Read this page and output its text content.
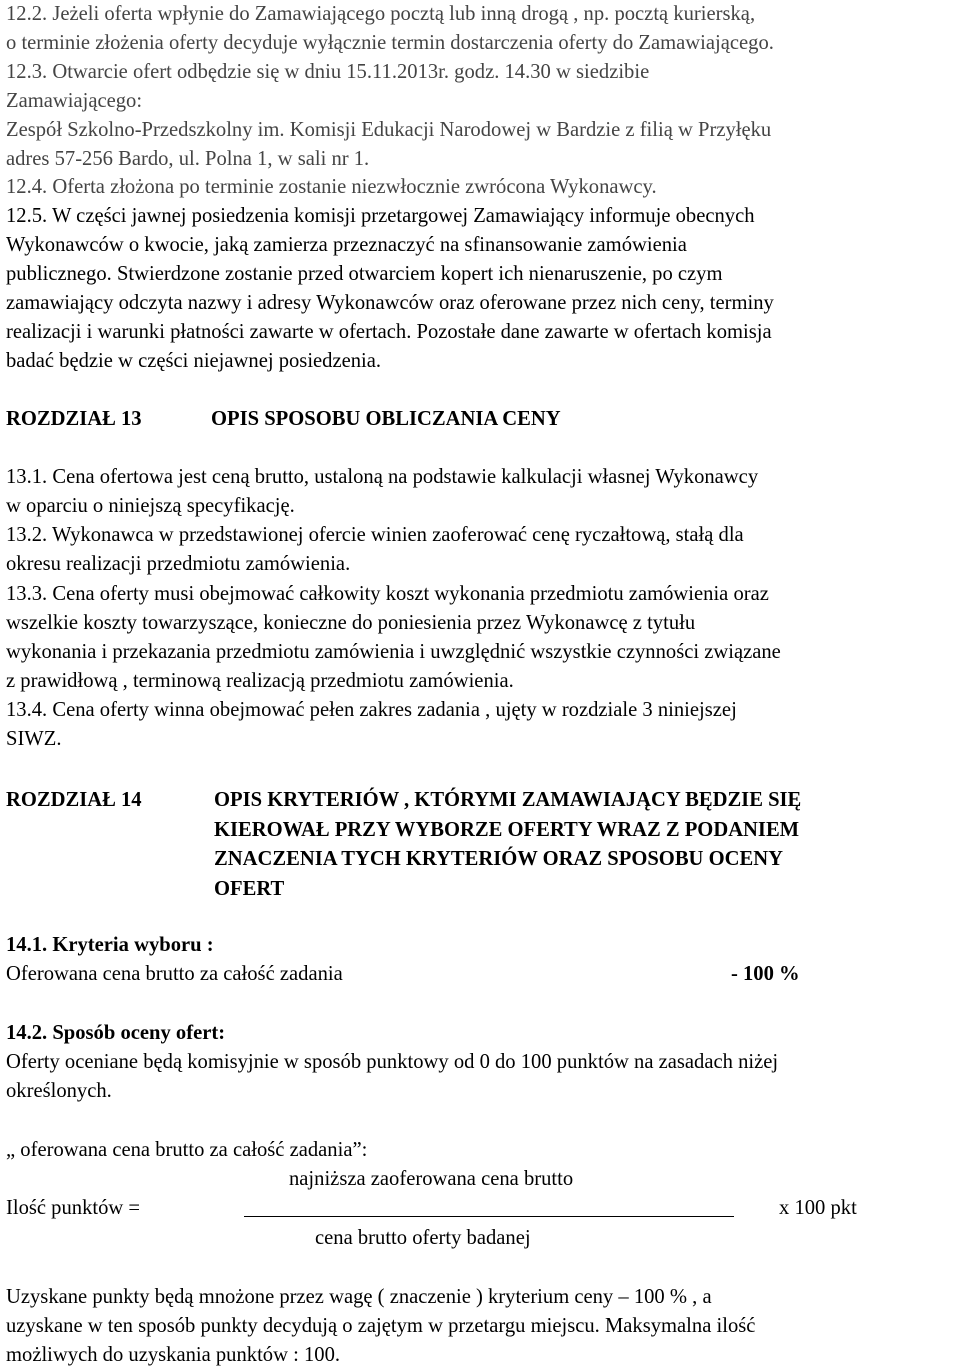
12.2. Jeżeli oferta wpłynie do Zamawiającego pocztą lub inną drogą , np. pocztą kurierską,
o terminie złożenia oferty decyduje wyłącznie termin dostarczenia oferty do Zamawiającego.
12.3. Otwarcie ofert odbędzie się w dniu 15.11.2013r. godz. 14.30 w siedzibie
Zamawiającego:
Zespół Szkolno-Przedszkolny im. Komisji Edukacji Narodowej w Bardzie z filią w Przyłęku
adres 57-256 Bardo, ul. Polna 1, w sali nr 1.
12.4. Oferta złożona po terminie zostanie niezwłocznie zwrócona Wykonawcy.
12.5. W części jawnej posiedzenia komisji przetargowej Zamawiający informuje obecnych
Wykonawców o kwocie, jaką zamierza przeznaczyć na sfinansowanie zamówienia
publicznego. Stwierdzone zostanie przed otwarciem kopert ich nienaruszenie, po czym
zamawiający odczyta nazwy i adresy Wykonawców oraz oferowane przez nich ceny, terminy
realizacji i warunki płatności zawarte w ofertach. Pozostałe dane zawarte w ofertach komisja
badać będzie w części niejawnej posiedzenia.
ROZDZIAŁ 13	OPIS SPOSOBU OBLICZANIA CENY
13.1. Cena ofertowa jest ceną brutto, ustaloną na podstawie kalkulacji własnej Wykonawcy
w oparciu o niniejszą specyfikację.
13.2. Wykonawca w przedstawionej ofercie winien zaoferować cenę ryczałtową, stałą dla
okresu realizacji przedmiotu zamówienia.
13.3. Cena oferty musi obejmować całkowity koszt wykonania przedmiotu zamówienia oraz
wszelkie koszty towarzyszące, konieczne do poniesienia przez Wykonawcę z tytułu
wykonania i przekazania przedmiotu zamówienia i uwzględnić wszystkie czynności związane
z prawidłową , terminową realizacją przedmiotu zamówienia.
13.4. Cena oferty winna obejmować pełen zakres zadania , ujęty w rozdziale 3 niniejszej
SIWZ.
ROZDZIAŁ 14	OPIS KRYTERIÓW , KTÓRYMI ZAMAWIAJĄCY BĘDZIE SIĘ
KIEROWAŁ PRZY WYBORZE OFERTY WRAZ Z PODANIEM
ZNACZENIA TYCH KRYTERIÓW ORAZ SPOSOBU OCENY
OFERT
14.1. Kryteria wyboru :
Oferowana cena brutto za całość zadania	- 100 %
14.2. Sposób oceny ofert:
Oferty oceniane będą komisyjnie w sposób punktowy od 0 do 100 punktów na zasadach niżej
określonych.
„ oferowana cena brutto za całość zadania”:
najniższa zaoferowana cena brutto
Ilość punktów =	x 100 pkt
cena brutto oferty badanej
Uzyskane punkty będą mnożone przez wagę ( znaczenie ) kryterium ceny – 100 % , a
uzyskane w ten sposób punkty decydują o zajętym w przetargu miejscu. Maksymalna ilość
możliwych do uzyskania punktów : 100.
